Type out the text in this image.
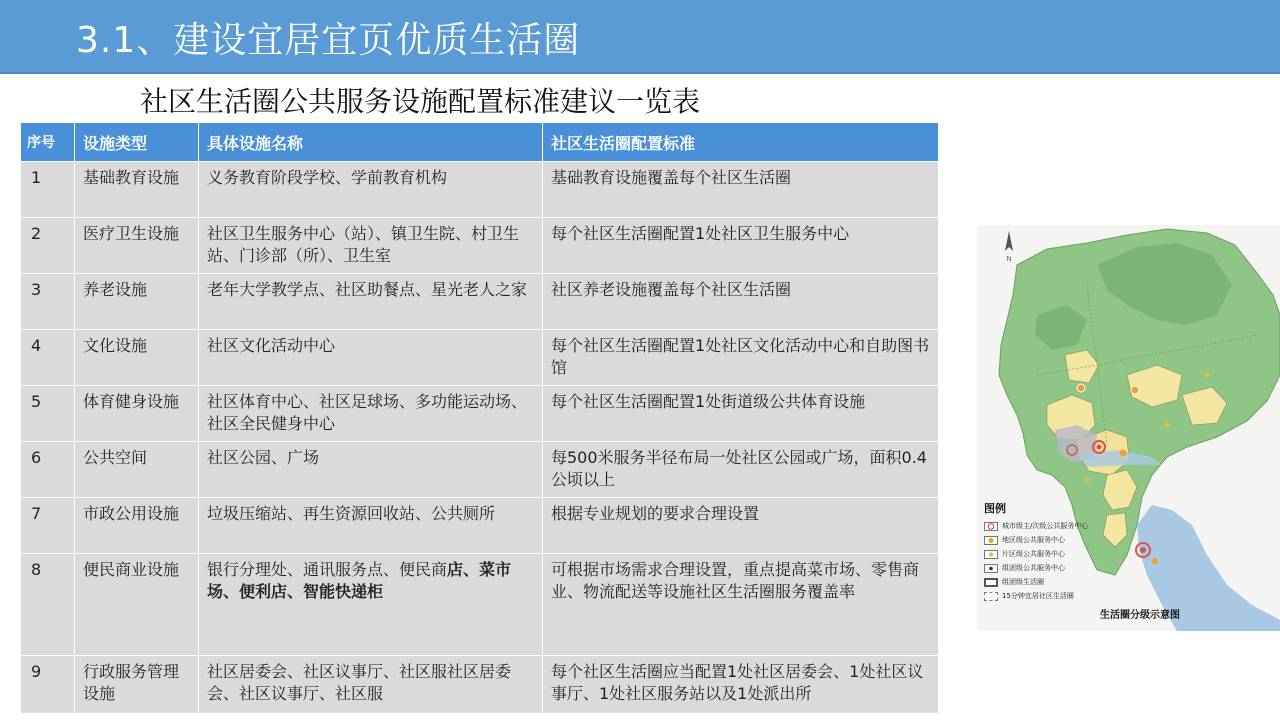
3.1、建设宜居宜页优质生活圈
社区生活圈公共服务设施配置标准建议一览表
序号	设施类型	具体设施名称	社区生活圈配置标准
1	基础教育设施	义务教育阶段学校、学前教育机构	基础教育设施覆盖每个社区生活圈
2	医疗卫生设施	社区卫生服务中心（站）、镇卫生院、村卫生站、门诊部（所）、卫生室	每个社区生活圈配置1处社区卫生服务中心
3	养老设施	老年大学教学点、社区助餐点、星光老人之家	社区养老设施覆盖每个社区生活圈
4	文化设施	社区文化活动中心	每个社区生活圈配置1处社区文化活动中心和自助图书馆
5	体育健身设施	社区体育中心、社区足球场、多功能运动场、社区全民健身中心	每个社区生活圈配置1处街道级公共体育设施
6	公共空间	社区公园、广场	每500米服务半径布局一处社区公园或广场，面积0.4公顷以上
7	市政公用设施	垃圾压缩站、再生资源回收站、公共厕所	根据专业规划的要求合理设置
8	便民商业设施	银行分理处、通讯服务点、便民商店、菜市场、便利店、智能快递柜	可根据市场需求合理设置，重点提高菜市场、零售商业、物流配送等设施社区生活圈服务覆盖率
9	行政服务管理设施	社区居委会、社区议事厅、社区服社区居委会、社区议事厅、社区服	每个社区生活圈应当配置1处社区居委会、1处社区议事厅、1处社区服务站以及1处派出所
N
图例
城市级主/次级公共服务中心
地区级公共服务中心
片区级公共服务中心
组团级公共服务中心
组团级生活圈
15分钟宜居社区生活圈
生活圈分级示意图
